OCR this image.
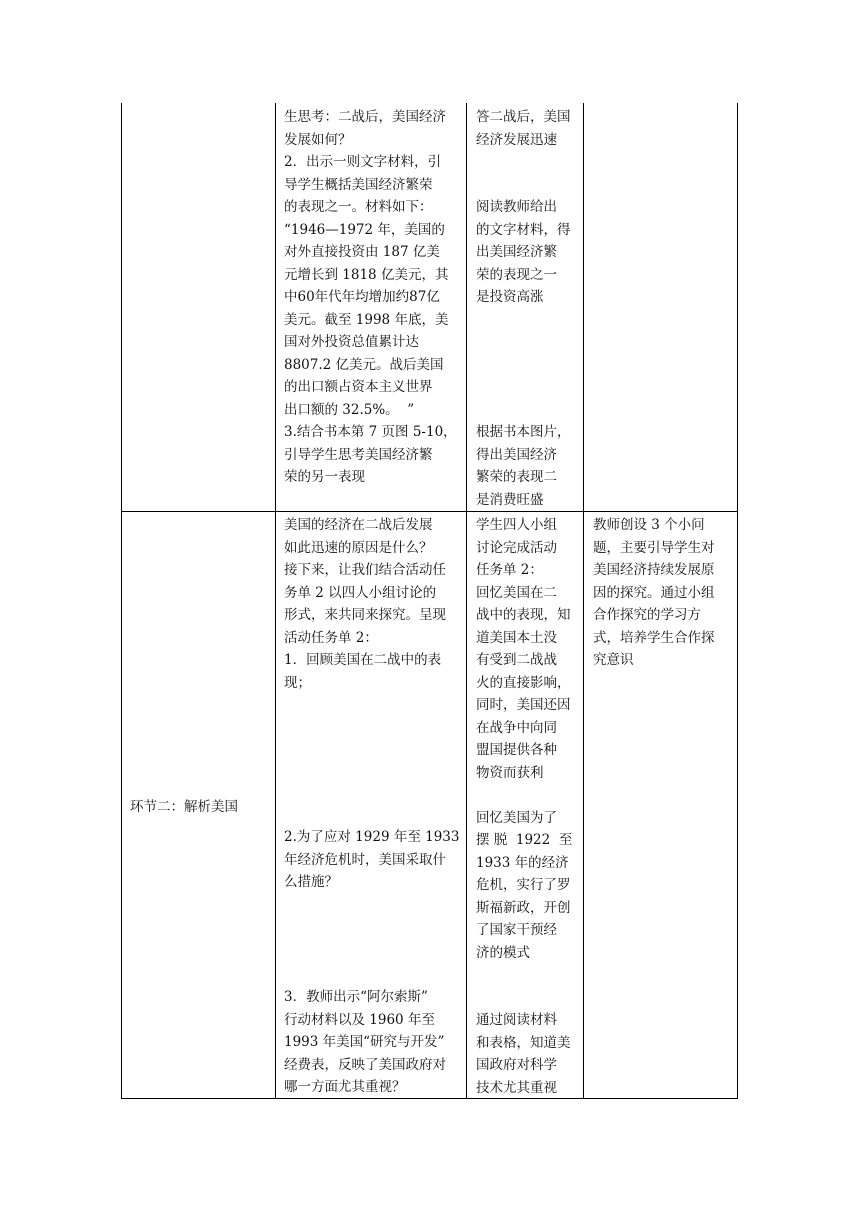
生思考：二战后，美国经济

发展如何？

2．出示一则文字材料，引

导学生概括美国经济繁荣

的表现之一。材料如下：

“1946—1972 年，美国的

对外直接投资由 187 亿美

元增长到 1818 亿美元，其

中60年代年均增加约87亿

美元。截至 1998 年底，美

国对外投资总值累计达

8807.2 亿美元。战后美国

的出口额占资本主义世界

出口额的 32.5%。  ”

3.结合书本第 7 页图 5-10，

引导学生思考美国经济繁

荣的另一表现

答二战后，美国

经济发展迅速

阅读教师给出

的文字材料，得

出美国经济繁

荣的表现之一

是投资高涨

根据书本图片，

得出美国经济

繁荣的表现二

是消费旺盛

环节二：解析美国

美国的经济在二战后发展

如此迅速的原因是什么？

接下来，让我们结合活动任

务单 2 以四人小组讨论的

形式，来共同来探究。呈现

活动任务单 2：

1．回顾美国在二战中的表

现；

2.为了应对 1929 年至 1933

年经济危机时，美国采取什

么措施？

3．教师出示“阿尔索斯”

行动材料以及 1960 年至

1993 年美国“研究与开发”

经费表，反映了美国政府对

哪一方面尤其重视？

学生四人小组

讨论完成活动

任务单 2：

回忆美国在二

战中的表现，知

道美国本土没

有受到二战战

火的直接影响，

同时，美国还因

在战争中向同

盟国提供各种

物资而获利

回忆美国为了

摆 脱  1922  至

1933 年的经济

危机，实行了罗

斯福新政，开创

了国家干预经

济的模式

通过阅读材料

和表格，知道美

国政府对科学

技术尤其重视

教师创设 3 个小问

题，主要引导学生对

美国经济持续发展原

因的探究。通过小组

合作探究的学习方

式，培养学生合作探

究意识
